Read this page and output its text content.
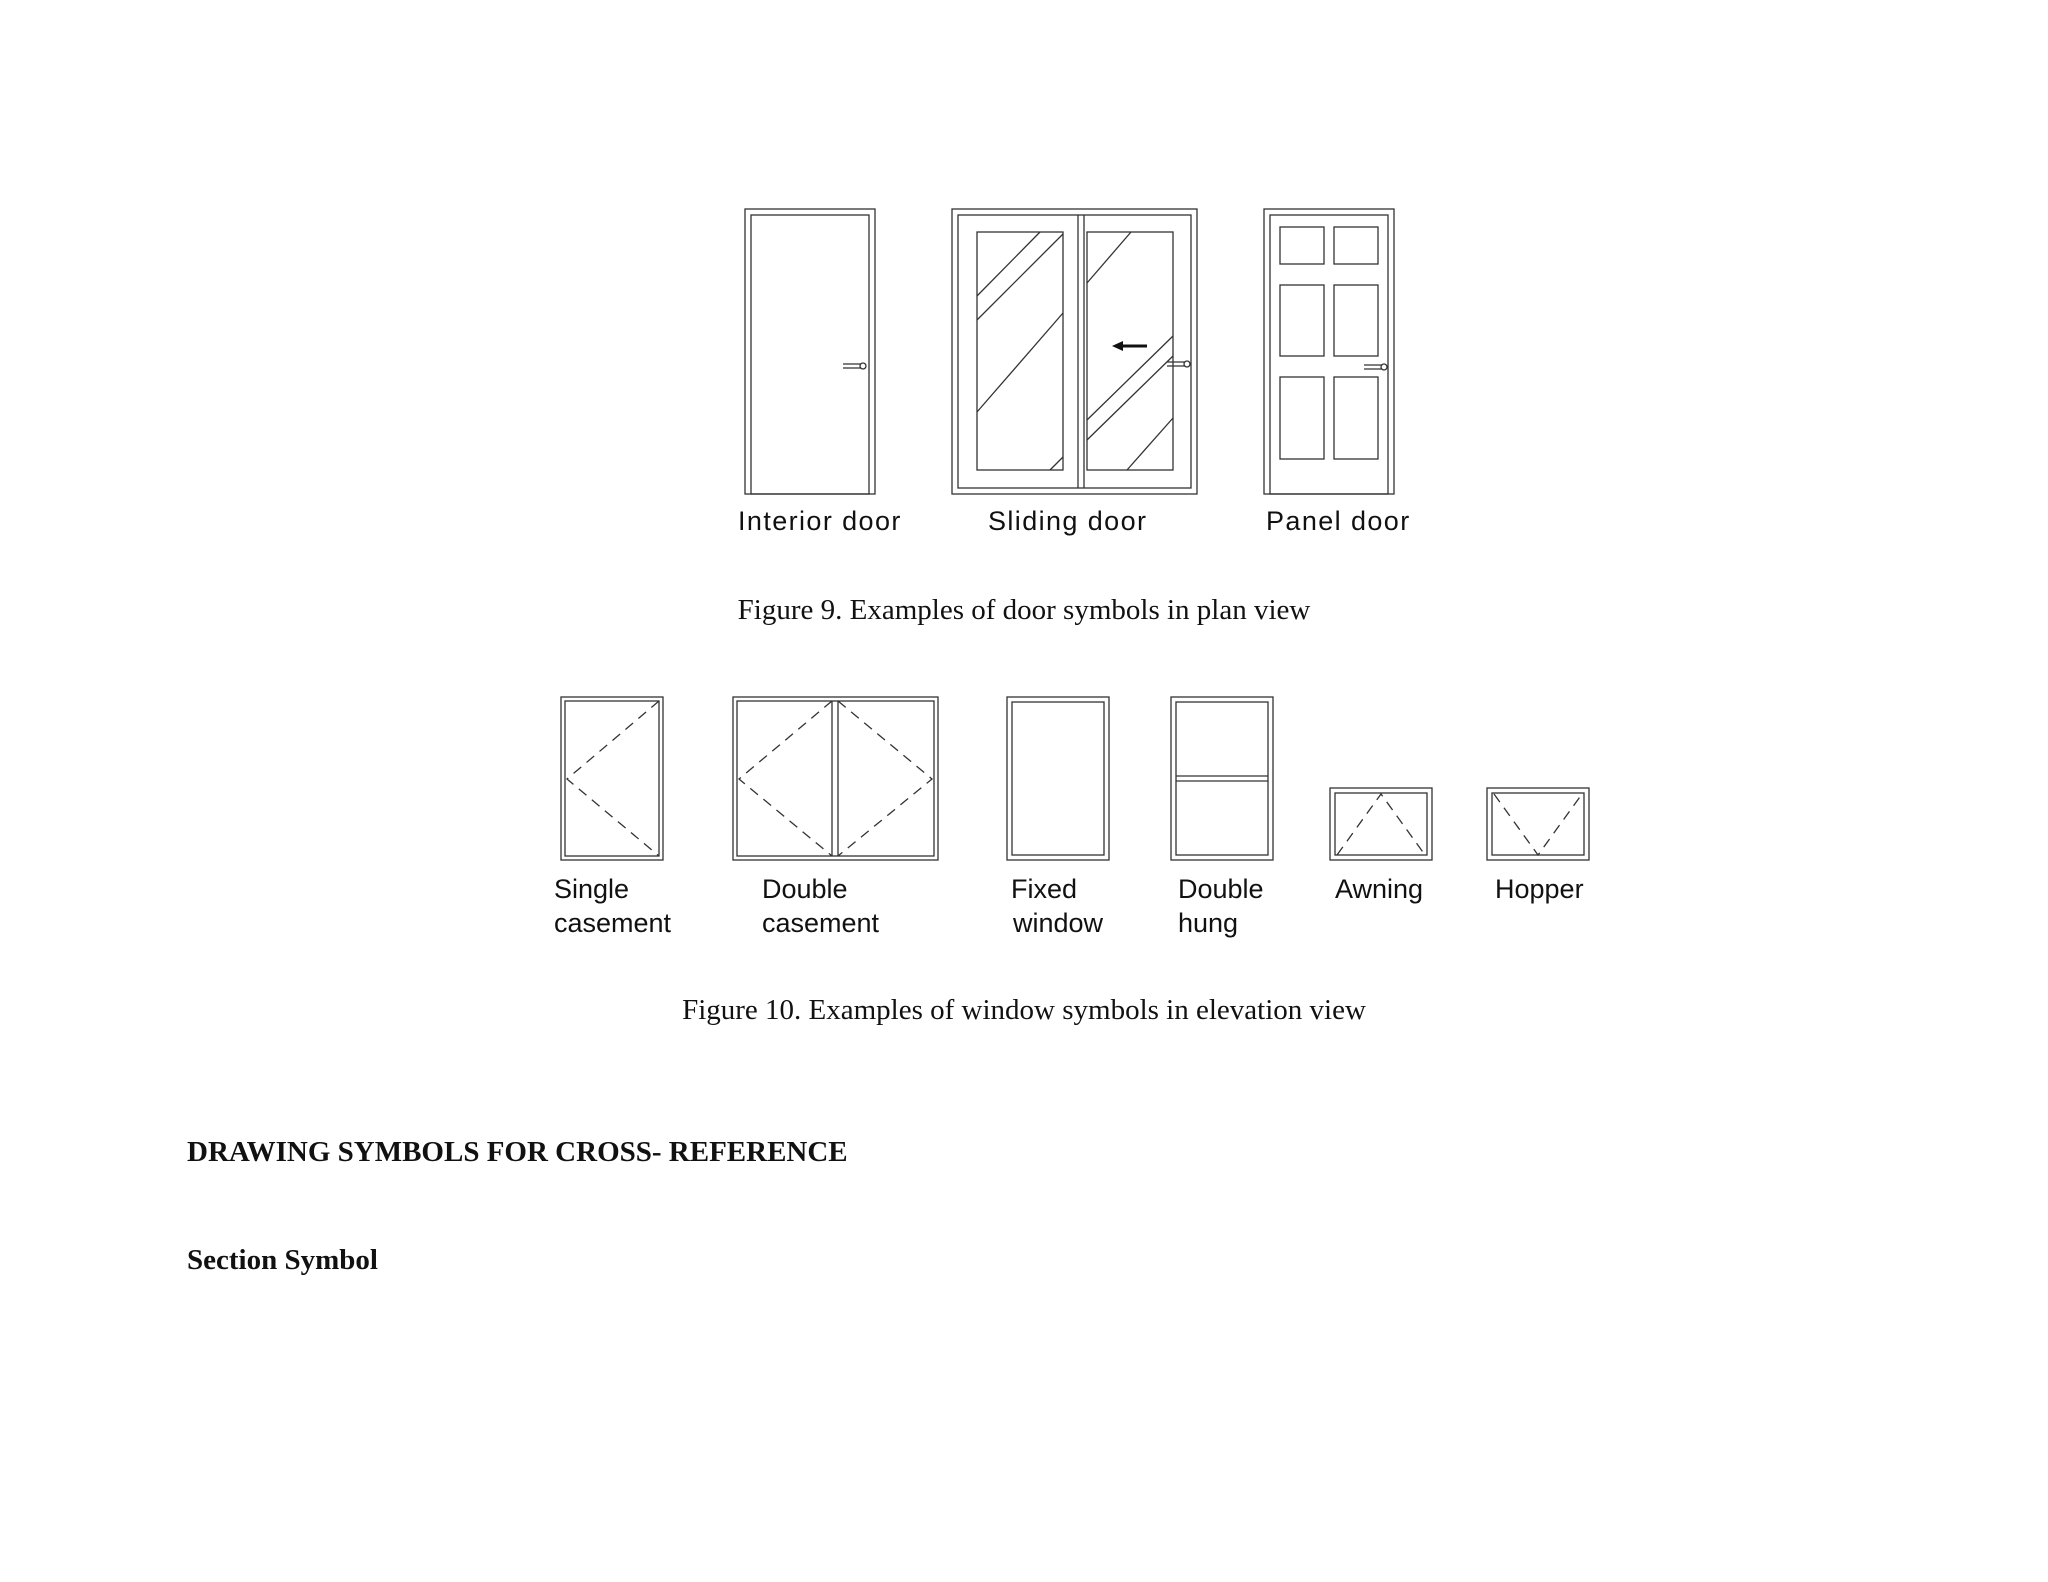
Interior door	Sliding door	Panel door
Figure 9. Examples of door symbols in plan view
Single
casement
Double
casement
Fixed
window
Double
hung
Awning	Hopper
Figure 10. Examples of window symbols in elevation view
DRAWING SYMBOLS FOR CROSS- REFERENCE
Section Symbol
